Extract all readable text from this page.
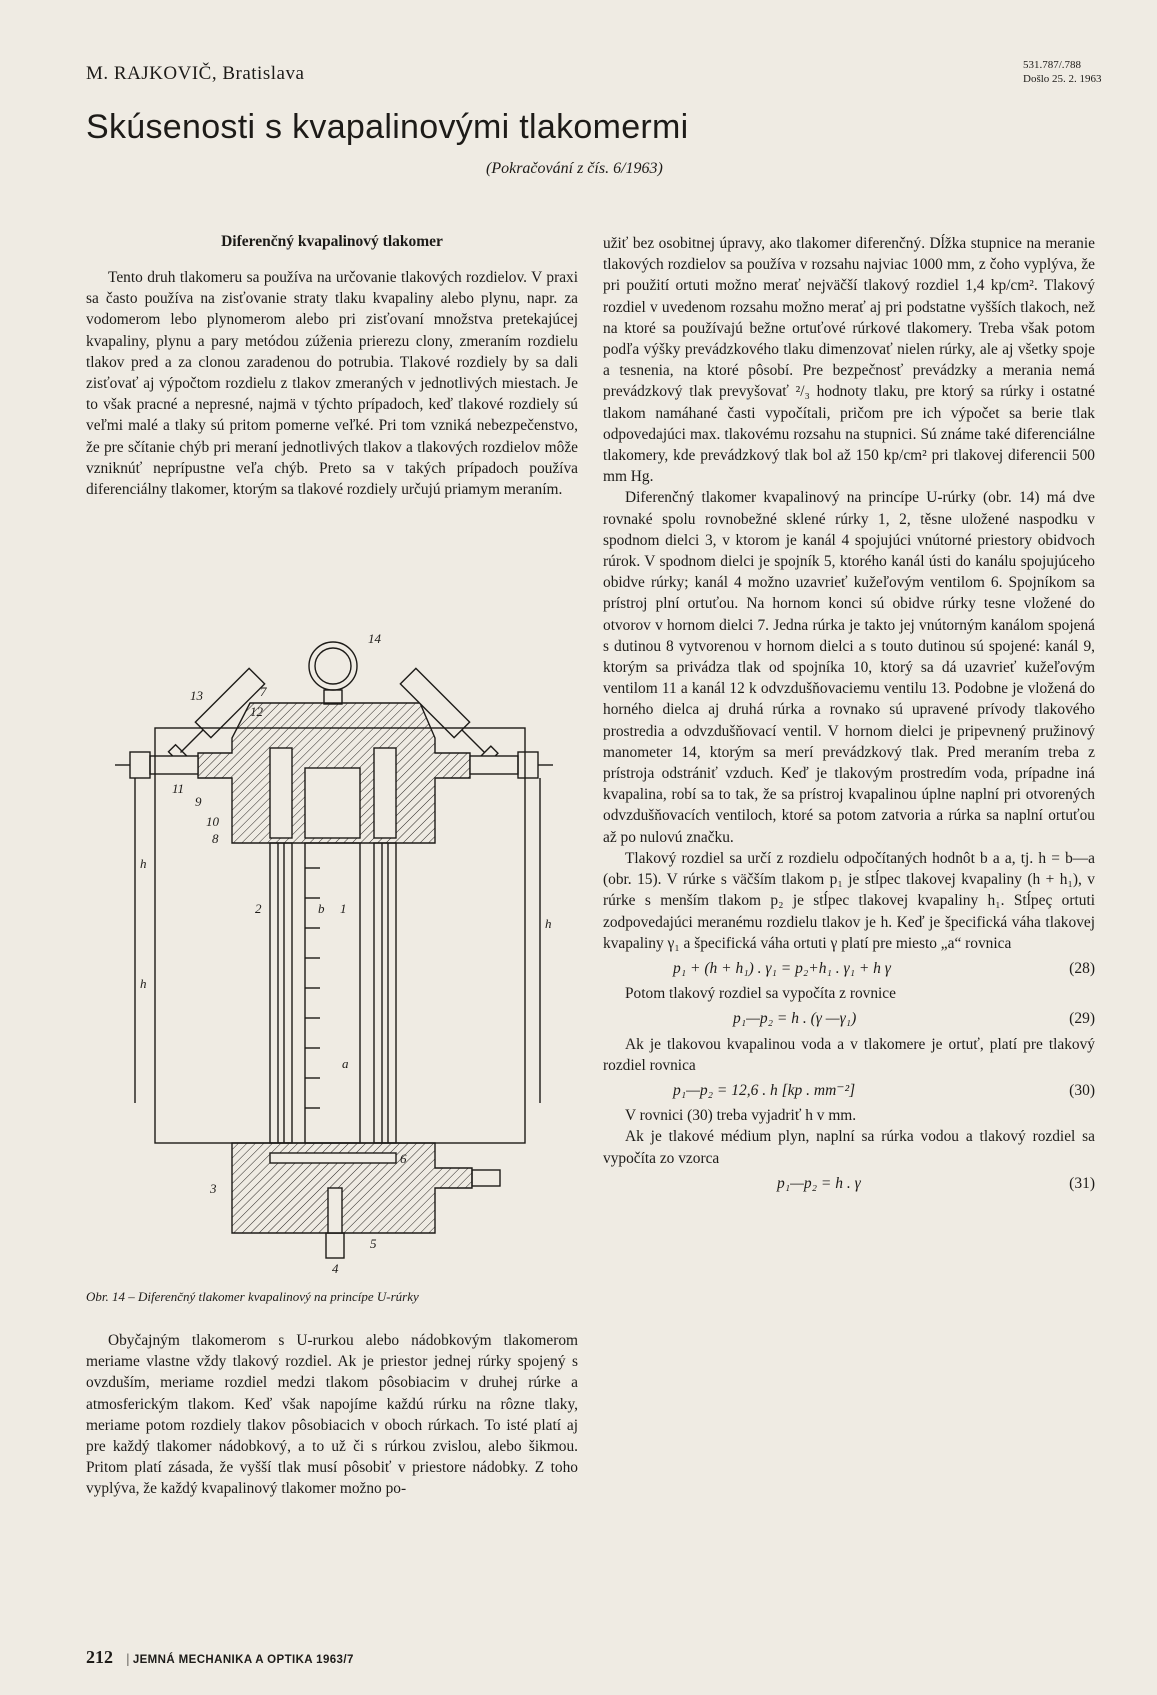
M. RAJKOVIČ, Bratislava	531.787/.788
Došlo 25. 2. 1963
Skúsenosti s kvapalinovými tlakomermi
(Pokračování z čís. 6/1963)
Diferenčný kvapalinový tlakomer

Tento druh tlakomeru sa používa na určovanie tlakových rozdielov. V praxi sa často používa na zisťovanie straty tlaku kvapaliny alebo plynu, napr. za vodomerom lebo plynomerom alebo pri zisťovaní množstva pretekajúcej kvapaliny, plynu a pary metódou zúženia prierezu clony, zmeraním rozdielu tlakov pred a za clonou zaradenou do potrubia. Tlakové rozdiely by sa dali zisťovať aj výpočtom rozdielu z tlakov zmeraných v jednotlivých miestach. Je to však pracné a nepresné, najmä v týchto prípadoch, keď tlakové rozdiely sú veľmi malé a tlaky sú pritom pomerne veľké. Pri tom vzniká nebezpečenstvo, že pre sčítanie chýb pri meraní jednotlivých tlakov a tlakových rozdielov môže vzniknúť neprípustne veľa chýb. Preto sa v takých prípadoch používa diferenciálny tlakomer, ktorým sa tlakové rozdiely určujú priamym meraním.

14
7
12
13
11
9
10
8
2	b 1
h
h
h
a
6
3
4
5
Obr. 14 – Diferenčný tlakomer kvapalinový na princípe U-rúrky

Obyčajným tlakomerom s U-rurkou alebo nádobkovým tlakomerom meriame vlastne vždy tlakový rozdiel. Ak je priestor jednej rúrky spojený s ovzduším, meriame rozdiel medzi tlakom pôsobiacim v druhej rúrke a atmosferickým tlakom. Keď však napojíme každú rúrku na rôzne tlaky, meriame potom rozdiely tlakov pôsobiacich v oboch rúrkach. To isté platí aj pre každý tlakomer nádobkový, a to už či s rúrkou zvislou, alebo šikmou. Pritom platí zásada, že vyšší tlak musí pôsobiť v priestore nádobky. Z toho vyplýva, že každý kvapalinový tlakomer možno po-

užiť bez osobitnej úpravy, ako tlakomer diferenčný. Dĺžka stupnice na meranie tlakových rozdielov sa používa v rozsahu najviac 1000 mm, z čoho vyplýva, že pri použití ortuti možno merať nejväčší tlakový rozdiel 1,4 kp/cm². Tlakový rozdiel v uvedenom rozsahu možno merať aj pri podstatne vyšších tlakoch, než na ktoré sa používajú bežne ortuťové rúrkové tlakomery. Treba však potom podľa výšky prevádzkového tlaku dimenzovať nielen rúrky, ale aj všetky spoje a tesnenia, na ktoré pôsobí. Pre bezpečnosť prevádzky a merania nemá prevádzkový tlak prevyšovať ²/₃ hodnoty tlaku, pre ktorý sa rúrky i ostatné tlakom namáhané časti vypočítali, pričom pre ich výpočet sa berie tlak odpovedajúci max. tlakovému rozsahu na stupnici. Sú známe také diferenciálne tlakomery, kde prevádzkový tlak bol až 150 kp/cm² pri tlakovej diferencii 500 mm Hg.

Diferenčný tlakomer kvapalinový na princípe U-rúrky (obr. 14) má dve rovnaké spolu rovnobežné sklené rúrky 1, 2, těsne uložené naspodku v spodnom dielci 3, v ktorom je kanál 4 spojujúci vnútorné priestory obidvoch rúrok. V spodnom dielci je spojník 5, ktorého kanál ústi do kanálu spojujúceho obidve rúrky; kanál 4 možno uzavrieť kužeľovým ventilom 6. Spojníkom sa prístroj plní ortuťou. Na hornom konci sú obidve rúrky tesne vložené do otvorov v hornom dielci 7. Jedna rúrka je takto jej vnútorným kanálom spojená s dutinou 8 vytvorenou v hornom dielci a s touto dutinou sú spojené: kanál 9, ktorým sa privádza tlak od spojníka 10, ktorý sa dá uzavrieť kužeľovým ventilom 11 a kanál 12 k odvzdušňovaciemu ventilu 13. Podobne je vložená do horného dielca aj druhá rúrka a rovnako sú upravené prívody tlakového prostredia a odvzdušňovací ventil. V hornom dielci je pripevnený pružinový manometer 14, ktorým sa merí prevádzkový tlak. Pred meraním treba z prístroja odstrániť vzduch. Keď je tlakovým prostredím voda, prípadne iná kvapalina, robí sa to tak, že sa prístroj kvapalinou úplne naplní pri otvorených odvzdušňovacích ventiloch, ktoré sa potom zatvoria a rúrka sa naplní ortuťou až po nulovú značku.

Tlakový rozdiel sa určí z rozdielu odpočítaných hodnôt b a a, tj. h = b—a (obr. 15). V rúrke s väčším tlakom p₁ je stĺpec tlakovej kvapaliny (h + h₁), v rúrke s menším tlakom p₂ je stĺpec tlakovej kvapaliny h₁. Stĺpeç ortuti zodpovedajúci meranému rozdielu tlakov je h. Keď je špecifická váha tlakovej kvapaliny γ₁ a špecifická váha ortuti γ platí pre miesto „a“ rovnica

p₁ + (h + h₁) . γ₁ = p₂+h₁ . γ₁ + h γ	(28)

Potom tlakový rozdiel sa vypočíta z rovnice

p₁—p₂ = h . (γ —γ₁)	(29)

Ak je tlakovou kvapalinou voda a v tlakomere je ortuť, platí pre tlakový rozdiel rovnica

p₁—p₂ = 12,6 . h [kp . mm⁻²]	(30)

V rovnici (30) treba vyjadriť h v mm.

Ak je tlakové médium plyn, naplní sa rúrka vodou a tlakový rozdiel sa vypočíta zo vzorca

p₁—p₂ = h . γ	(31)
212 | JEMNÁ MECHANIKA A OPTIKA 1963/7
